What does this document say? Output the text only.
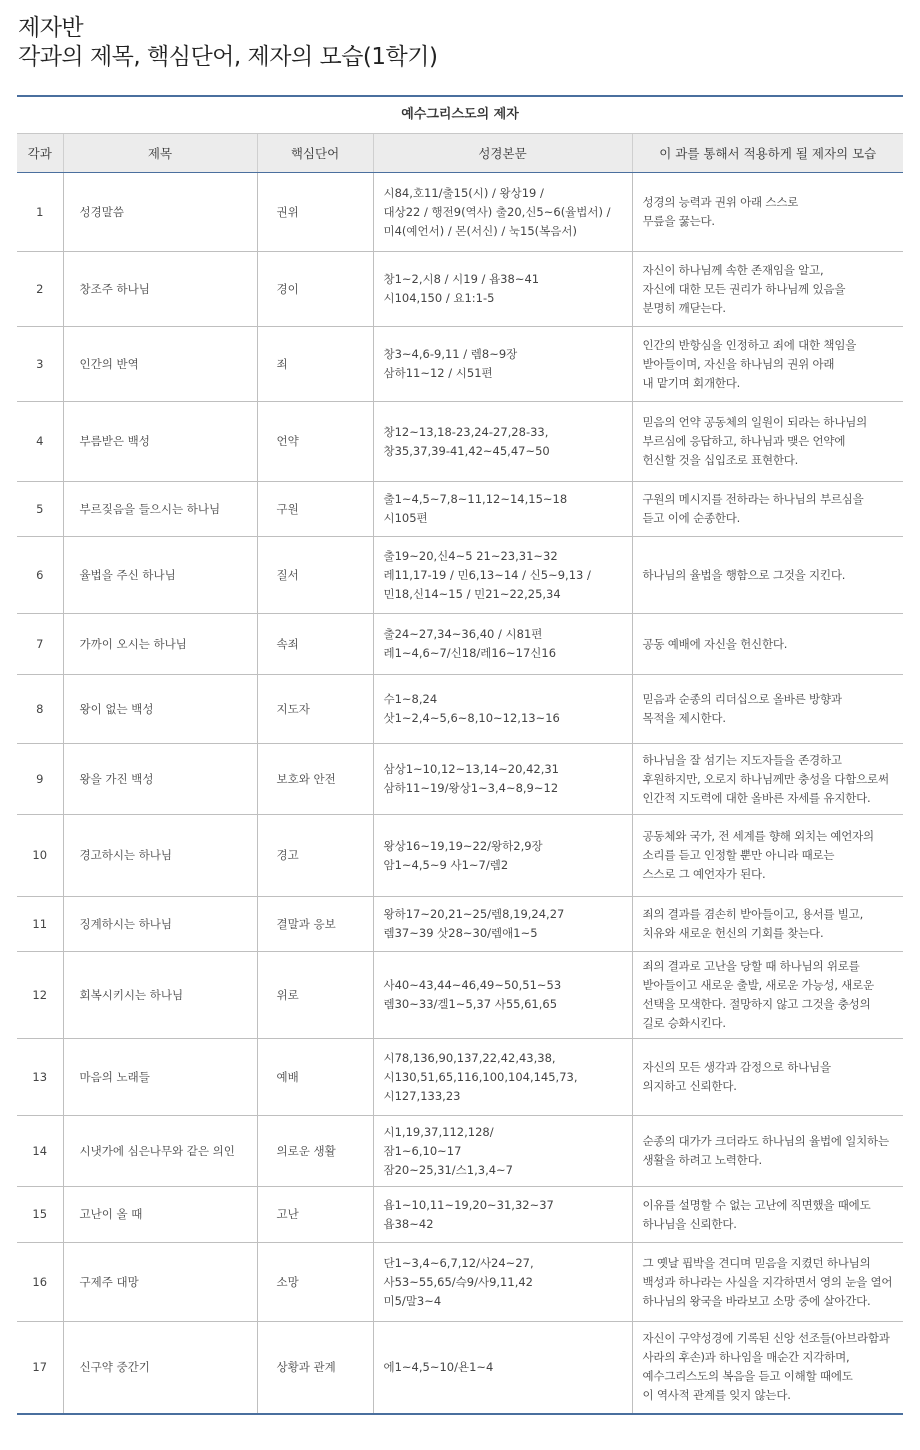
제자반
각과의 제목, 핵심단어, 제자의 모습(1학기)
예수그리스도의 제자
각과	제목	핵심단어	성경본문	이 과를 통해서 적용하게 될 제자의 모습
1	성경말씀	권위	시84,호11/출15(시) / 왕상19 /
대상22 / 행전9(역사) 출20,신5~6(율법서) /
미4(예언서) / 몬(서신) / 눅15(복음서)	성경의 능력과 권위 아래 스스로
무릎을 꿇는다.
2	창조주 하나님	경이	창1~2,시8 / 시19 / 욥38~41
시104,150 / 요1:1-5	자신이 하나님께 속한 존재임을 알고,
자신에 대한 모든 권리가 하나님께 있음을
분명히 깨닫는다.
3	인간의 반역	죄	창3~4,6-9,11 / 렘8~9장
삼하11~12 / 시51편	인간의 반항심을 인정하고 죄에 대한 책임을
받아들이며, 자신을 하나님의 권위 아래
내 맡기며 회개한다.
4	부름받은 백성	언약	창12~13,18-23,24-27,28-33,
창35,37,39-41,42~45,47~50	믿음의 언약 공동체의 일원이 되라는 하나님의
부르심에 응답하고, 하나님과 맺은 언약에
헌신할 것을 십입조로 표현한다.
5	부르짖음을 들으시는 하나님	구원	출1~4,5~7,8~11,12~14,15~18
시105편	구원의 메시지를 전하라는 하나님의 부르심을
듣고 이에 순종한다.
6	율법을 주신 하나님	질서	출19~20,신4~5 21~23,31~32
레11,17-19 / 민6,13~14 / 신5~9,13 /
민18,신14~15 / 민21~22,25,34	하나님의 율법을 행함으로 그것을 지킨다.
7	가까이 오시는 하나님	속죄	출24~27,34~36,40 / 시81편
레1~4,6~7/신18/레16~17신16	공동 예배에 자신을 헌신한다.
8	왕이 없는 백성	지도자	수1~8,24
삿1~2,4~5,6~8,10~12,13~16	믿음과 순종의 리더십으로 올바른 방향과
목적을 제시한다.
9	왕을 가진 백성	보호와 안전	삼상1~10,12~13,14~20,42,31
삼하11~19/왕상1~3,4~8,9~12	하나님을 잘 섬기는 지도자들을 존경하고
후원하지만, 오로지 하나님께만 충성을 다함으로써
인간적 지도력에 대한 올바른 자세를 유지한다.
10	경고하시는 하나님	경고	왕상16~19,19~22/왕하2,9장
암1~4,5~9 사1~7/렘2	공동체와 국가, 전 세계를 향해 외치는 예언자의
소리를 듣고 인정할 뿐만 아니라 때로는
스스로 그 예언자가 된다.
11	징계하시는 하나님	결말과 응보	왕하17~20,21~25/렘8,19,24,27
렘37~39 삿28~30/렘애1~5	죄의 결과를 겸손히 받아들이고, 용서를 빌고,
치유와 새로운 헌신의 기회를 찾는다.
12	회복시키시는 하나님	위로	사40~43,44~46,49~50,51~53
렘30~33/겔1~5,37 사55,61,65	죄의 결과로 고난을 당할 때 하나님의 위로를
받아들이고 새로운 출발, 새로운 가능성, 새로운
선택을 모색한다. 절망하지 않고 그것을 충성의
길로 승화시킨다.
13	마음의 노래들	예배	시78,136,90,137,22,42,43,38,
시130,51,65,116,100,104,145,73,
시127,133,23	자신의 모든 생각과 감정으로 하나님을
의지하고 신뢰한다.
14	시냇가에 심은나무와 같은 의인	의로운 생활	시1,19,37,112,128/
잠1~6,10~17
잠20~25,31/스1,3,4~7	순종의 대가가 크더라도 하나님의 율법에 일치하는
생활을 하려고 노력한다.
15	고난이 올 때	고난	욥1~10,11~19,20~31,32~37
욥38~42	이유를 설명할 수 없는 고난에 직면했을 때에도
하나님을 신뢰한다.
16	구제주 대망	소망	단1~3,4~6,7,12/사24~27,
사53~55,65/슥9/사9,11,42
미5/말3~4	그 옛날 핍박을 견디며 믿음을 지켰던 하나님의
백성과 하나라는 사실을 지각하면서 영의 눈을 열어
하나님의 왕국을 바라보고 소망 중에 살아간다.
17	신구약 중간기	상황과 관계	에1~4,5~10/욘1~4	자신이 구약성경에 기록된 신앙 선조들(아브라함과
사라의 후손)과 하나임을 매순간 지각하며,
예수그리스도의 복음을 듣고 이해할 때에도
이 역사적 관계를 잊지 않는다.
